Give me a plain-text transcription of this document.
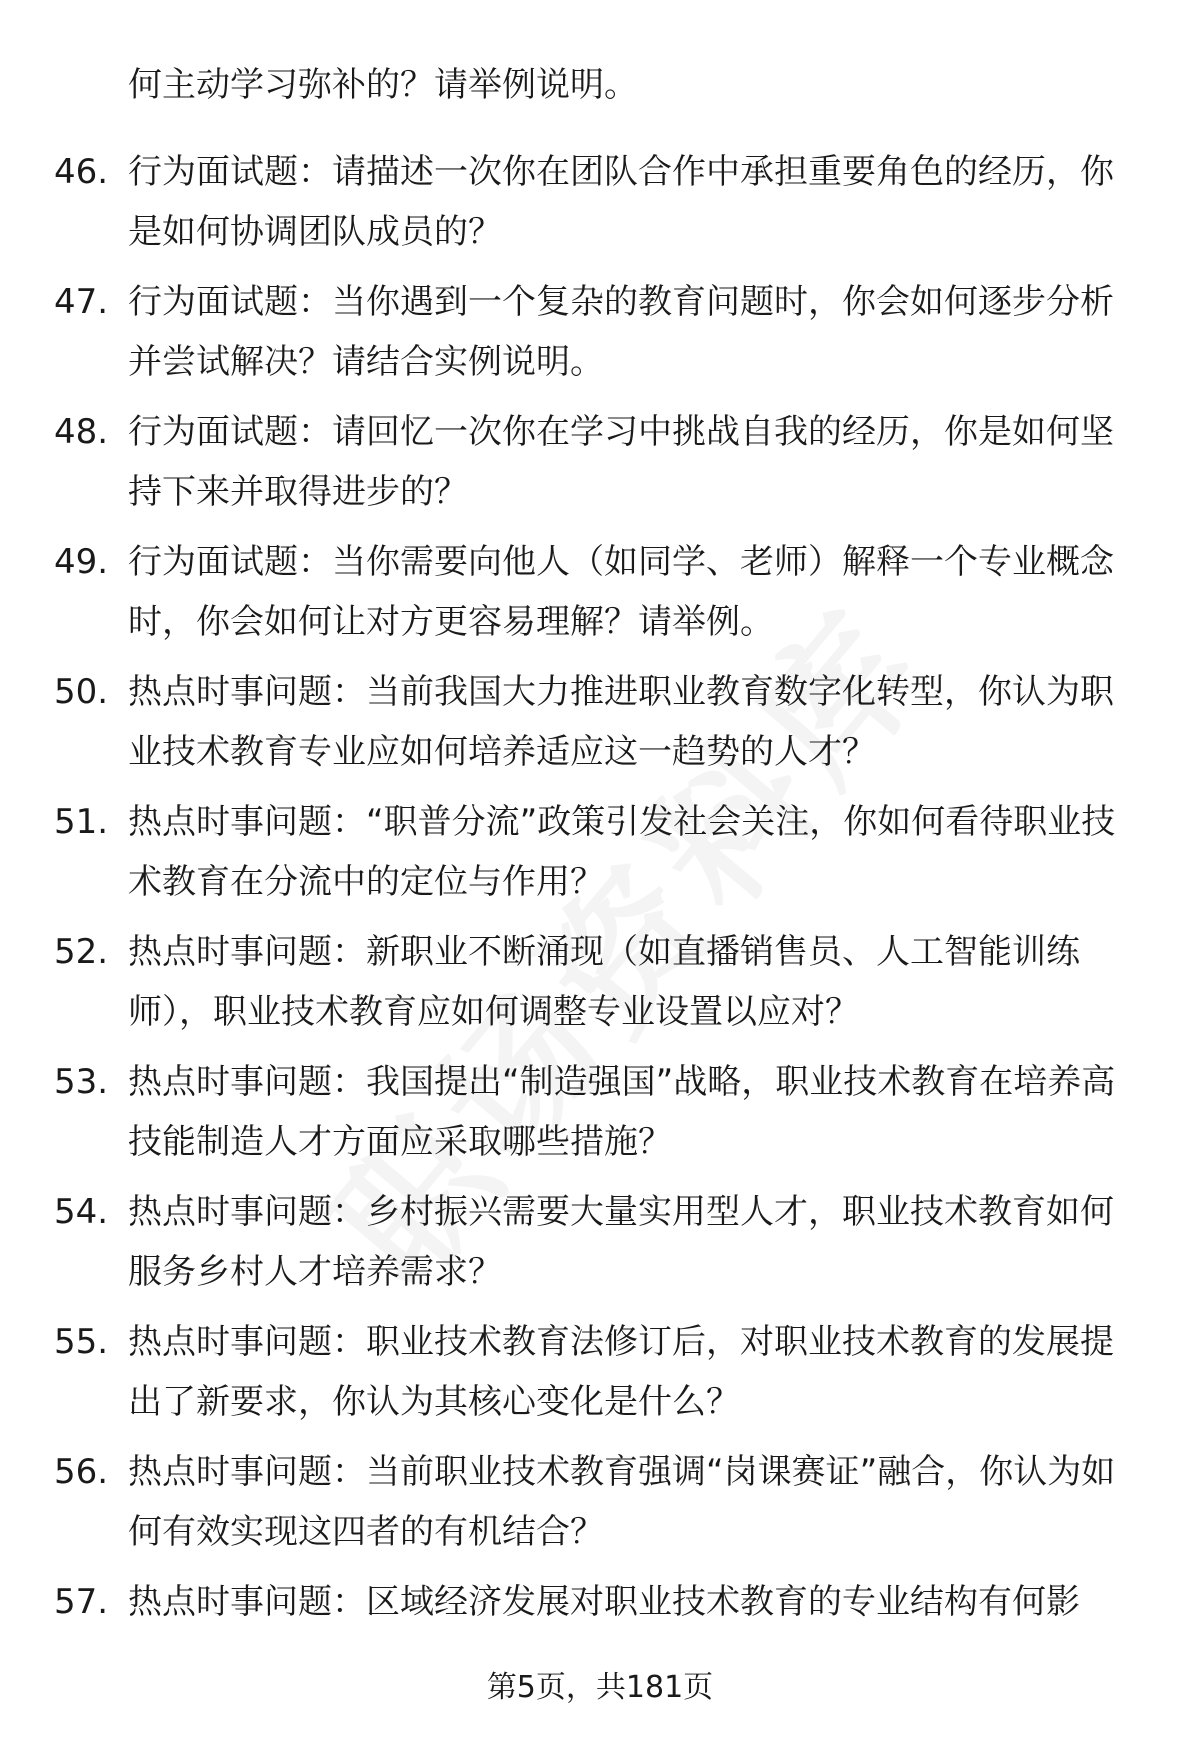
何主动学习弥补的？请举例说明。

46. 行为面试题：请描述一次你在团队合作中承担重要角色的经历，你是如何协调团队成员的？

47. 行为面试题：当你遇到一个复杂的教育问题时，你会如何逐步分析并尝试解决？请结合实例说明。

48. 行为面试题：请回忆一次你在学习中挑战自我的经历，你是如何坚持下来并取得进步的？

49. 行为面试题：当你需要向他人（如同学、老师）解释一个专业概念时，你会如何让对方更容易理解？请举例。

50. 热点时事问题：当前我国大力推进职业教育数字化转型，你认为职业技术教育专业应如何培养适应这一趋势的人才？

51. 热点时事问题：“职普分流”政策引发社会关注，你如何看待职业技术教育在分流中的定位与作用？

52. 热点时事问题：新职业不断涌现（如直播销售员、人工智能训练师），职业技术教育应如何调整专业设置以应对？

53. 热点时事问题：我国提出“制造强国”战略，职业技术教育在培养高技能制造人才方面应采取哪些措施？

54. 热点时事问题：乡村振兴需要大量实用型人才，职业技术教育如何服务乡村人才培养需求？

55. 热点时事问题：职业技术教育法修订后，对职业技术教育的发展提出了新要求，你认为其核心变化是什么？

56. 热点时事问题：当前职业技术教育强调“岗课赛证”融合，你认为如何有效实现这四者的有机结合？

57. 热点时事问题：区域经济发展对职业技术教育的专业结构有何影

第5页，共181页
